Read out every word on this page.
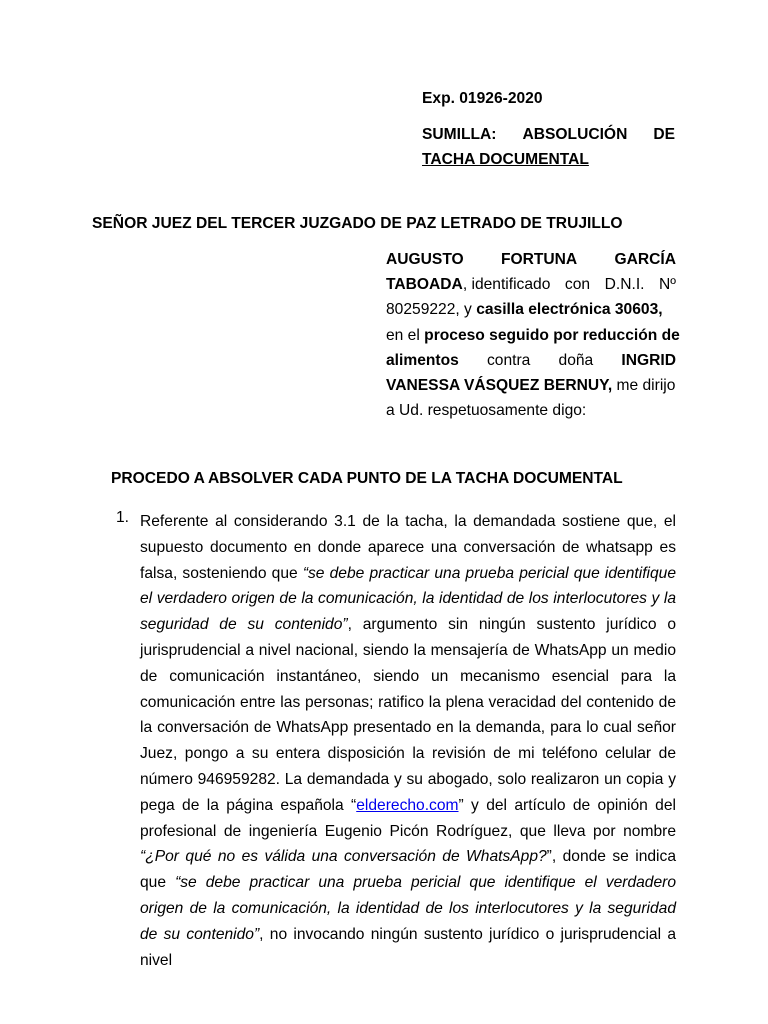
Exp. 01926-2020
SUMILLA: ABSOLUCIÓN DE
TACHA DOCUMENTAL
SEÑOR JUEZ DEL TERCER JUZGADO DE PAZ LETRADO DE TRUJILLO
AUGUSTO FORTUNA GARCÍA
TABOADA, identificado con D.N.I. Nº
80259222, y casilla electrónica 30603,
en el proceso seguido por reducción de
alimentos contra doña INGRID
VANESSA VÁSQUEZ BERNUY, me dirijo
a Ud. respetuosamente digo:
PROCEDO A ABSOLVER CADA PUNTO DE LA TACHA DOCUMENTAL
1. Referente al considerando 3.1 de la tacha, la demandada sostiene que, el supuesto documento en donde aparece una conversación de whatsapp es falsa, sosteniendo que “se debe practicar una prueba pericial que identifique el verdadero origen de la comunicación, la identidad de los interlocutores y la seguridad de su contenido”, argumento sin ningún sustento jurídico o jurisprudencial a nivel nacional, siendo la mensajería de WhatsApp un medio de comunicación instantáneo, siendo un mecanismo esencial para la comunicación entre las personas; ratifico la plena veracidad del contenido de la conversación de WhatsApp presentado en la demanda, para lo cual señor Juez, pongo a su entera disposición la revisión de mi teléfono celular de número 946959282. La demandada y su abogado, solo realizaron un copia y pega de la página española “elderecho.com” y del artículo de opinión del profesional de ingeniería Eugenio Picón Rodríguez, que lleva por nombre “¿Por qué no es válida una conversación de WhatsApp?”, donde se indica que “se debe practicar una prueba pericial que identifique el verdadero origen de la comunicación, la identidad de los interlocutores y la seguridad de su contenido”, no invocando ningún sustento jurídico o jurisprudencial a nivel
